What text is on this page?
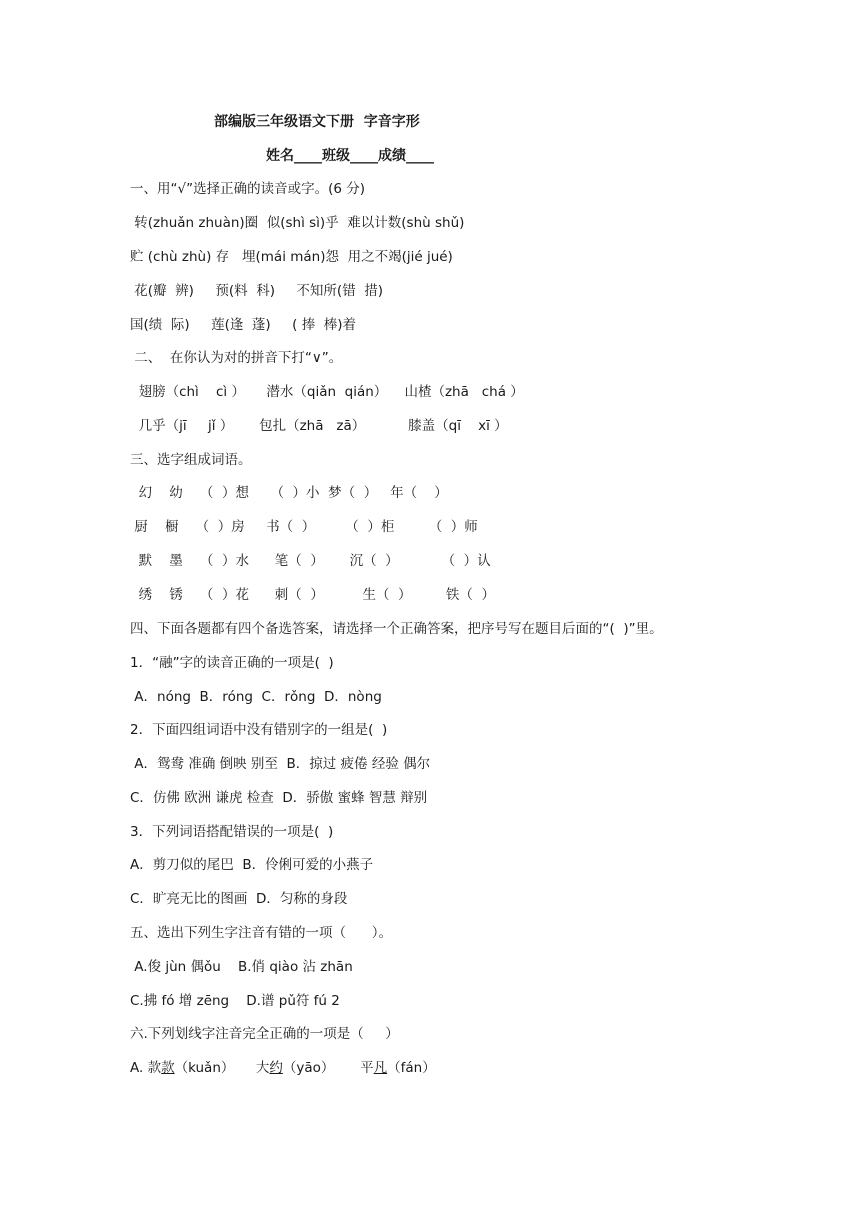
部编版三年级语文下册  字音字形
姓名____班级____成绩____
一、用“√”选择正确的读音或字。(6 分)
转(zhuǎn zhuàn)圈  似(shì sì)乎  难以计数(shù shǔ)
贮 (chù zhù) 存   埋(mái mán)怨  用之不竭(jié jué)
花(瓣  辨)     预(料  科)     不知所(错  措)
国(绩  际)     莲(逢  蓬)     ( 捧  棒)着
二、  在你认为对的拼音下打“∨”。
翅膀（chì    cì ）     潜水（qiǎn  qián）    山楂（zhā   chá ）
几乎（jī     jǐ ）      包扎（zhā   zā）          膝盖（qī    xī ）
三、选字组成词语。
幻    幼    （  ）想     （  ）小  梦（  ）   年（    ）
厨    橱    （  ）房     书（  ）       （  ）柜        （  ）师
默    墨    （  ）水      笔（  ）      沉（  ）          （  ）认
绣    锈    （  ）花      刺（  ）         生（  ）        铁（  ）
四、下面各题都有四个备选答案，请选择一个正确答案，把序号写在题目后面的“(  )”里。
1．“融”字的读音正确的一项是(  )
A．nóng  B．róng  C．rǒng  D．nòng
2．下面四组词语中没有错别字的一组是(  )
A．鸳鸯 准确 倒映 别至  B．掠过 疲倦 经验 偶尔
C．仿佛 欧洲 谦虎 检查  D．骄傲 蜜蜂 智慧 辩别
3．下列词语搭配错误的一项是(  )
A．剪刀似的尾巴  B．伶俐可爱的小燕子
C．旷亮无比的图画  D．匀称的身段
五、选出下列生字注音有错的一项（      ）。
A.俊 jùn 偶ǒu    B.俏 qiào 沾 zhān
C.拂 fó 增 zēng    D.谱 pǔ符 fú 2
六.下列划线字注音完全正确的一项是（     ）
A. 款款（kuǎn） 大约（yāo） 平凡（fán）
